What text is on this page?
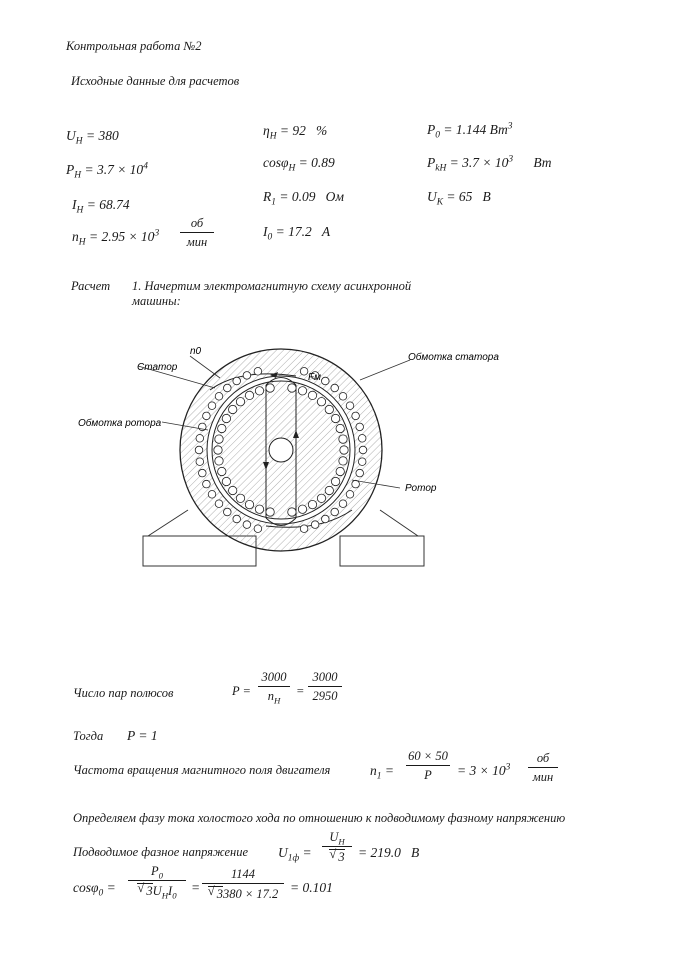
Контрольная работа №2
Исходные данные для расчетов
$U_H = 380$
$P_H = 3.7 \times 10^4$
$I_H = 68.74$
$n_H = 2.95 \times 10^3$
об
мин
$\eta_H = 92$ %
cosφ$_H$ = 0.89
$R_1 = 0.09$ Ом
$I_0 = 17.2$ А
$P_0 = 1.144$ $Вт^3$
$P_{kH} = 3.7 \times 10^3$ Вт
$U_K = 65$ В
Расчет 1. Начертим электромагнитную схему асинхронной
машины:
Статор
n0
Обмотка статора
Обмотка ротора
Ротор
Fм
Число пар полюсов	$P = \frac{3000}{n_H} = \frac{3000}{2950}$
Тогда P = 1
Частота вращения магнитного поля двигателя	$n_1 = \frac{60 \times 50}{P} = 3 \times 10^3$
об
мин
Определяем фазу тока холостого хода по отношению к подводимому фазному напряжению
Подводимое фазное напряжение $U_{1ф} = U_H$
√ 3 = 219.0 В
cosφ$_0$ =
$P_0$
√ $3U_HI_0$
= 1144
√ 3380 × 17.2 = 0.101
